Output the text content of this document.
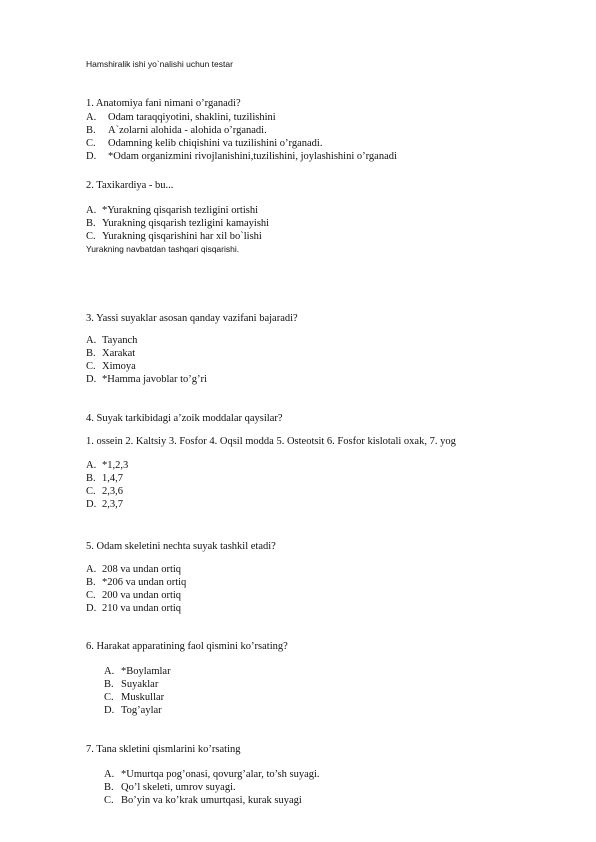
Hamshiralik ishi yo`nalishi uchun testar
1. Anatomiya fani nimani o’rganadi?
A. Odam taraqqiyotini, shaklini, tuzilishini
B. A`zolarni alohida - alohida o’rganadi.
C. Odamning kelib chiqishini va tuzilishini o’rganadi.
D. *Odam organizmini rivojlanishini,tuzilishini, joylashishini o’rganadi
2. Taxikardiya - bu...
A. *Yurakning qisqarish tezligini ortishi
B. Yurakning qisqarish tezligini kamayishi
C. Yurakning qisqarishini har xil bo`lishi
Yurakning navbatdan tashqari qisqarishi.
3. Yassi suyaklar asosan qanday vazifani bajaradi?
A. Tayanch
B. Xarakat
C. Ximoya
D. *Hamma javoblar to’g’ri
4. Suyak tarkibidagi a’zoik moddalar qaysilar?
1. ossein 2. Kaltsiy 3. Fosfor 4. Oqsil modda 5. Osteotsit 6. Fosfor kislotali oxak, 7. yog
A. *1,2,3
B. 1,4,7
C. 2,3,6
D. 2,3,7
5. Odam skeletini nechta suyak tashkil etadi?
A. 208 va undan ortiq
B. *206 va undan ortiq
C. 200 va undan ortiq
D. 210 va undan ortiq
6. Harakat apparatining faol qismini ko’rsating?
A. *Boylamlar
B. Suyaklar
C. Muskullar
D. Tog’aylar
7. Tana skletini qismlarini ko’rsating
A. *Umurtqa pog’onasi, qovurg’alar, to’sh suyagi.
B. Qo’l skeleti, umrov suyagi.
C. Bo’yin va ko’krak umurtqasi, kurak suyagi
